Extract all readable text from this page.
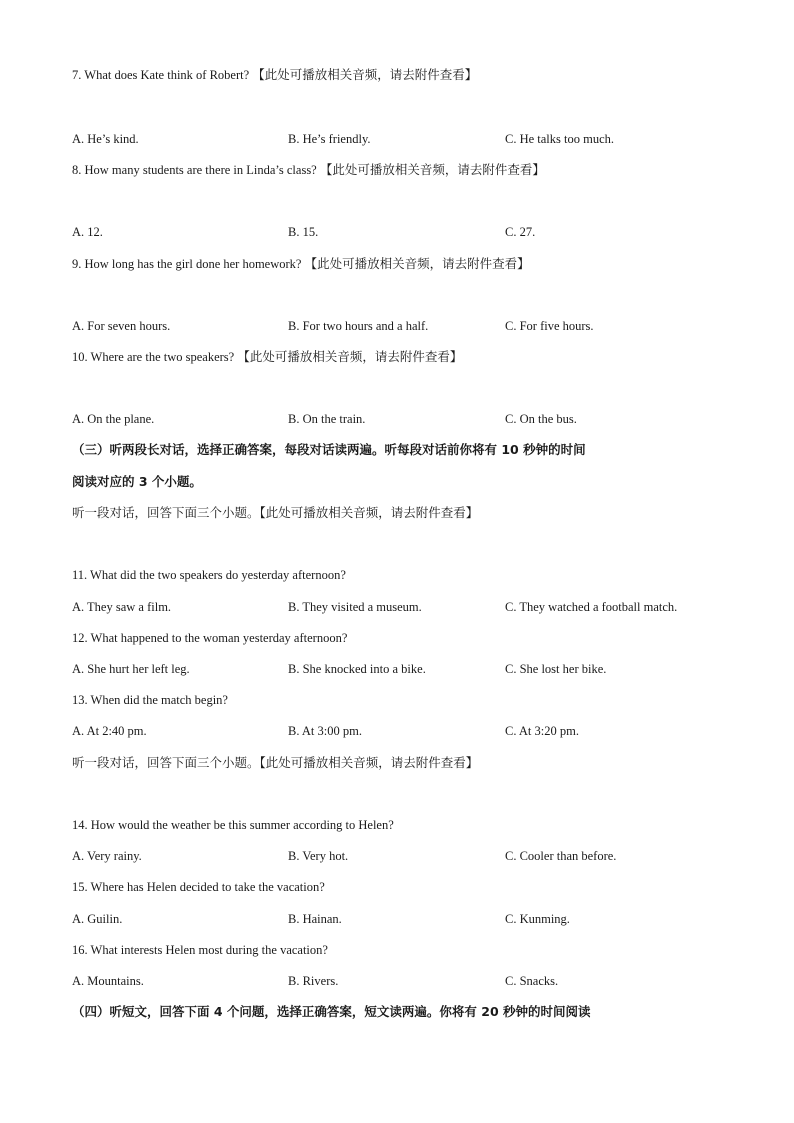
7. What does Kate think of Robert? 【此处可播放相关音频，请去附件查看】
A. He’s kind.	B. He’s friendly.	C. He talks too much.
8. How many students are there in Linda’s class? 【此处可播放相关音频，请去附件查看】
A. 12.	B. 15.	C. 27.
9. How long has the girl done her homework? 【此处可播放相关音频，请去附件查看】
A. For seven hours.	B. For two hours and a half.	C. For five hours.
10. Where are the two speakers? 【此处可播放相关音频，请去附件查看】
A. On the plane.	B. On the train.	C. On the bus.
（三）听两段长对话，选择正确答案，每段对话读两遍。听每段对话前你将有 10 秒钟的时间
阅读对应的 3 个小题。
听一段对话，回答下面三个小题。【此处可播放相关音频，请去附件查看】
11. What did the two speakers do yesterday afternoon?
A. They saw a film.	B. They visited a museum.	C. They watched a football match.
12. What happened to the woman yesterday afternoon?
A. She hurt her left leg.	B. She knocked into a bike.	C. She lost her bike.
13. When did the match begin?
A. At 2:40 pm.	B. At 3:00 pm.	C. At 3:20 pm.
听一段对话，回答下面三个小题。【此处可播放相关音频，请去附件查看】
14. How would the weather be this summer according to Helen?
A. Very rainy.	B. Very hot.	C. Cooler than before.
15. Where has Helen decided to take the vacation?
A. Guilin.	B. Hainan.	C. Kunming.
16. What interests Helen most during the vacation?
A. Mountains.	B. Rivers.	C. Snacks.
（四）听短文，回答下面 4 个问题，选择正确答案，短文读两遍。你将有 20 秒钟的时间阅读
